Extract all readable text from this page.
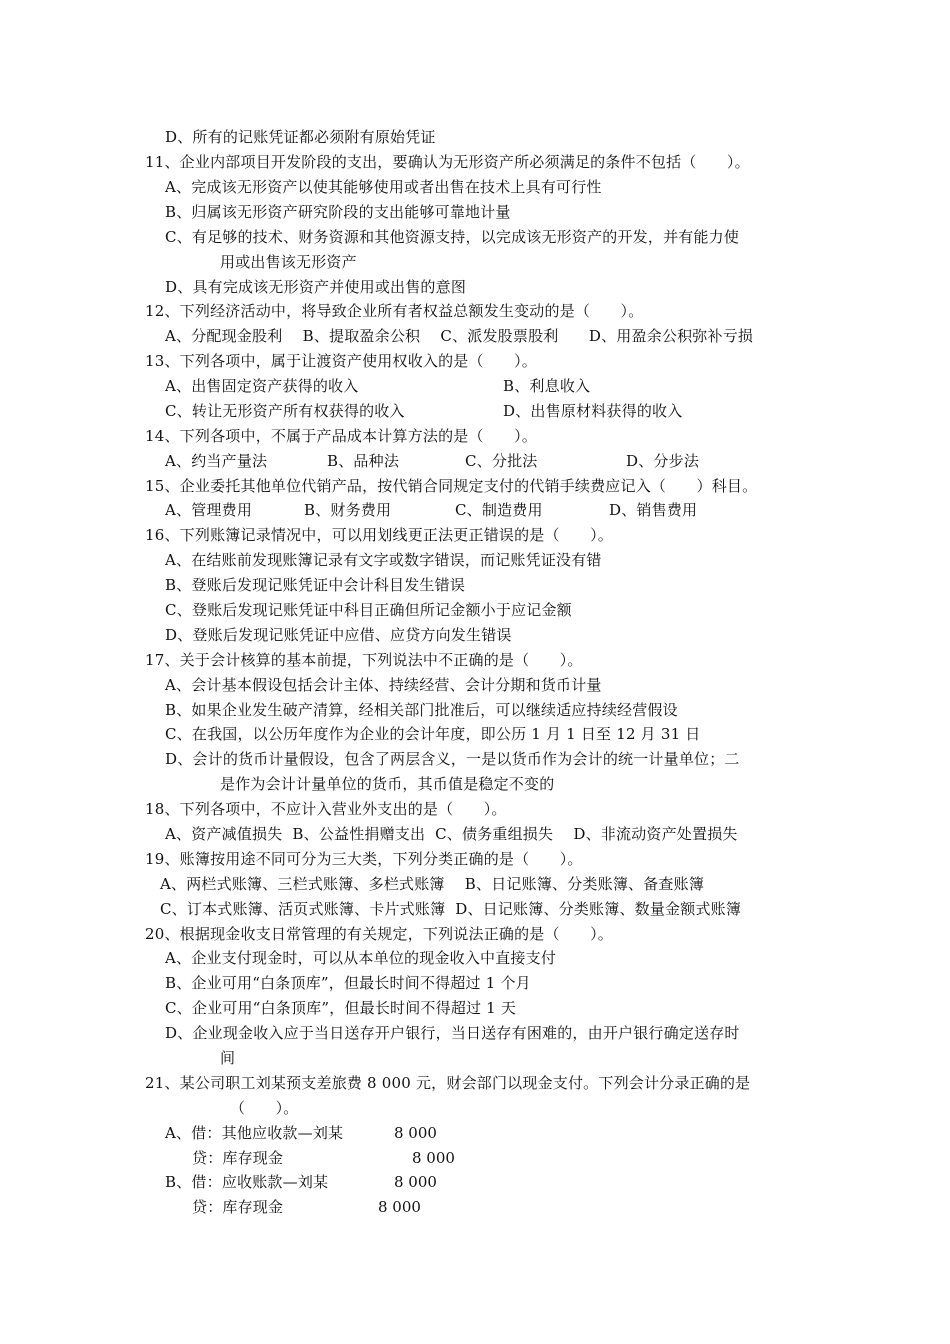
D、所有的记账凭证都必须附有原始凭证
11、企业内部项目开发阶段的支出，要确认为无形资产所必须满足的条件不包括（　　）。
A、完成该无形资产以使其能够使用或者出售在技术上具有可行性
B、归属该无形资产研究阶段的支出能够可靠地计量
C、有足够的技术、财务资源和其他资源支持，以完成该无形资产的开发，并有能力使
用或出售该无形资产
D、具有完成该无形资产并使用或出售的意图
12、下列经济活动中，将导致企业所有者权益总额发生变动的是（　　）。
A、分配现金股利　 B、提取盈余公积　 C、派发股票股利　　D、用盈余公积弥补亏损
13、下列各项中，属于让渡资产使用权收入的是（　　）。
A、出售固定资产获得的收入	B、利息收入
C、转让无形资产所有权获得的收入	D、出售原材料获得的收入
14、下列各项中，不属于产品成本计算方法的是（　　）。
A、约当产量法	B、品种法	C、分批法	D、分步法
15、企业委托其他单位代销产品，按代销合同规定支付的代销手续费应记入（　　）科目。
A、管理费用	B、财务费用	C、制造费用	D、销售费用
16、下列账簿记录情况中，可以用划线更正法更正错误的是（　　）。
A、在结账前发现账簿记录有文字或数字错误，而记账凭证没有错
B、登账后发现记账凭证中会计科目发生错误
C、登账后发现记账凭证中科目正确但所记金额小于应记金额
D、登账后发现记账凭证中应借、应贷方向发生错误
17、关于会计核算的基本前提，下列说法中不正确的是（　　）。
A、会计基本假设包括会计主体、持续经营、会计分期和货币计量
B、如果企业发生破产清算，经相关部门批准后，可以继续适应持续经营假设
C、在我国，以公历年度作为企业的会计年度，即公历 1 月 1 日至 12 月 31 日
D、会计的货币计量假设，包含了两层含义，一是以货币作为会计的统一计量单位；二
是作为会计计量单位的货币，其币值是稳定不变的
18、下列各项中，不应计入营业外支出的是（　　）。
A、资产减值损失  B、公益性捐赠支出  C、债务重组损失　 D、非流动资产处置损失
19、账簿按用途不同可分为三大类，下列分类正确的是（　　）。
A、两栏式账簿、三栏式账簿、多栏式账簿　 B、日记账簿、分类账簿、备查账簿
C、订本式账簿、活页式账簿、卡片式账簿  D、日记账簿、分类账簿、数量金额式账簿
20、根据现金收支日常管理的有关规定，下列说法正确的是（　　）。
A、企业支付现金时，可以从本单位的现金收入中直接支付
B、企业可用“白条顶库”，但最长时间不得超过 1 个月
C、企业可用“白条顶库”，但最长时间不得超过 1 天
D、企业现金收入应于当日送存开户银行，当日送存有困难的，由开户银行确定送存时
间
21、某公司职工刘某预支差旅费 8 000 元，财会部门以现金支付。下列会计分录正确的是
（　　）。
A、借：其他应收款—刘某	8 000
贷：库存现金	8 000
B、借：应收账款—刘某	8 000
贷：库存现金	8 000
